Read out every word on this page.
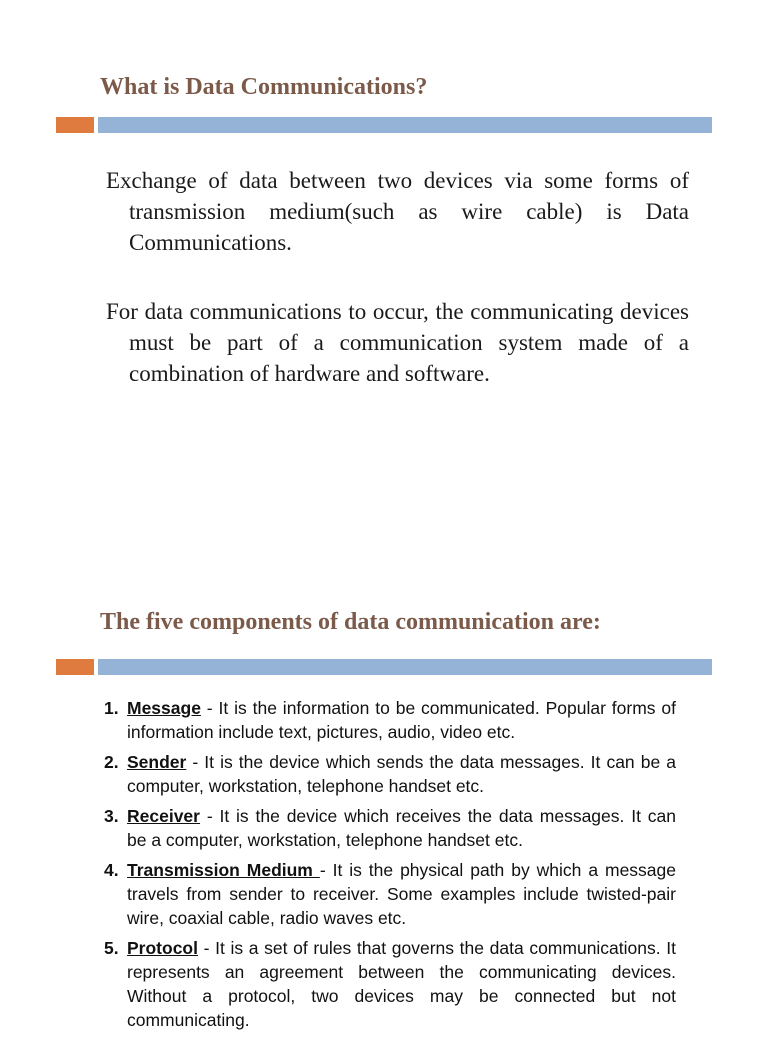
What is Data Communications?

Exchange of data between two devices via some forms of transmission medium(such as wire cable) is Data Communications.

For data communications to occur, the communicating devices must be part of a communication system made of a combination of hardware and software.

The five components of data communication are:
1. Message - It is the information to be communicated. Popular forms of information include text, pictures, audio, video etc.
2. Sender - It is the device which sends the data messages. It can be a computer, workstation, telephone handset etc.
3. Receiver - It is the device which receives the data messages. It can be a computer, workstation, telephone handset etc.
4. Transmission Medium - It is the physical path by which a message travels from sender to receiver. Some examples include twisted-pair wire, coaxial cable, radio waves etc.
5. Protocol - It is a set of rules that governs the data communications. It represents an agreement between the communicating devices. Without a protocol, two devices may be connected but not communicating.
